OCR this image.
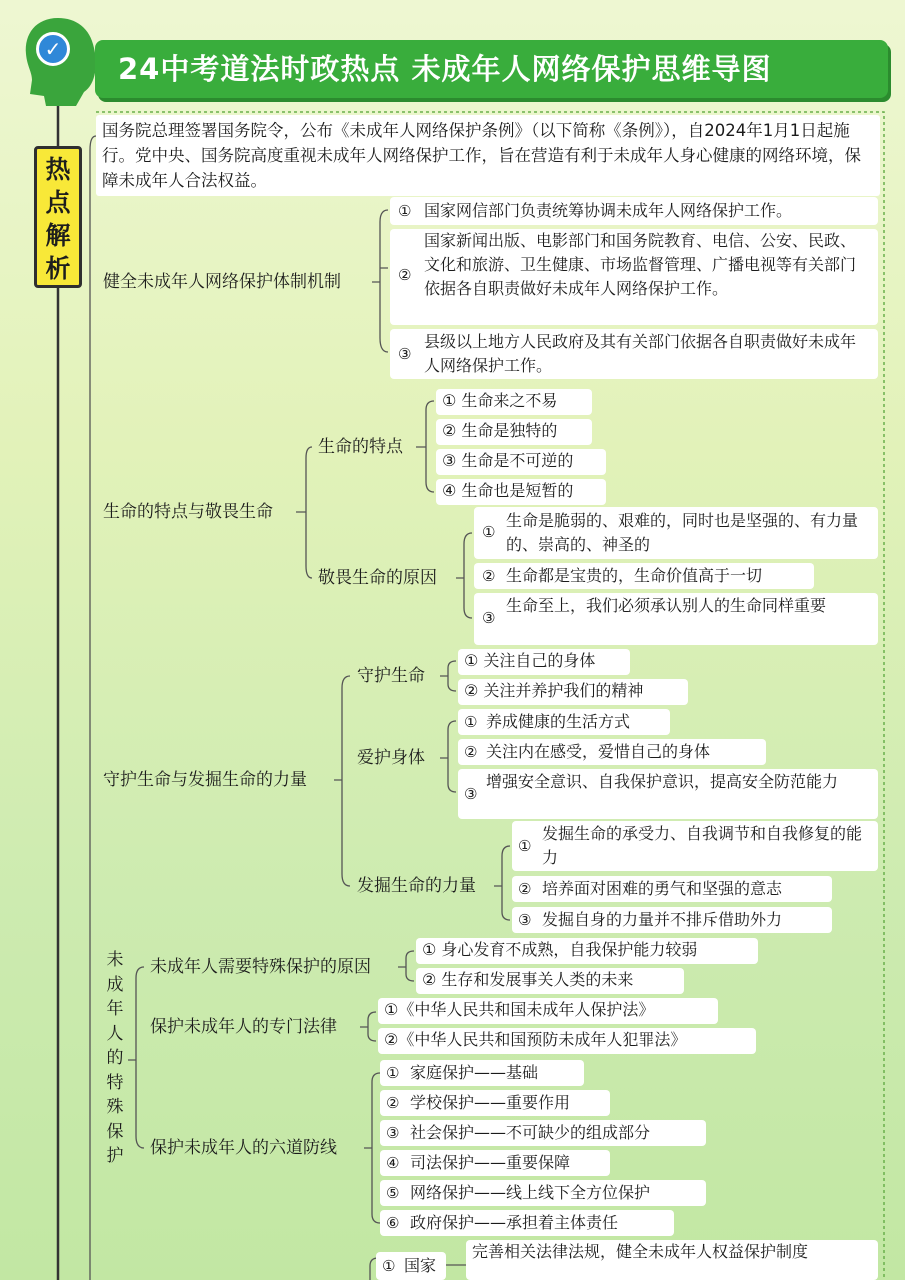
✓
24中考道法时政热点 未成年人网络保护思维导图
热
点
解
析
国务院总理签署国务院令，公布《未成年人网络保护条例》（以下简称《条例》），自2024年1月1日起施行。党中央、国务院高度重视未成年人网络保护工作，旨在营造有利于未成年人身心健康的网络环境，保障未成年人合法权益。
健全未成年人网络保护体制机制
① 国家网信部门负责统筹协调未成年人网络保护工作。
②
国家新闻出版、电影部门和国务院教育、电信、公安、民政、文化和旅游、卫生健康、市场监督管理、广播电视等有关部门依据各自职责做好未成年人网络保护工作。
③
县级以上地方人民政府及其有关部门依据各自职责做好未成年人网络保护工作。
生命的特点与敬畏生命
生命的特点
① 生命来之不易
② 生命是独特的
③ 生命是不可逆的
④ 生命也是短暂的
敬畏生命的原因
①
生命是脆弱的、艰难的，同时也是坚强的、有力量的、崇高的、神圣的
② 生命都是宝贵的，生命价值高于一切
③
生命至上，我们必须承认别人的生命同样重要
守护生命与发掘生命的力量
守护生命
① 关注自己的身体
② 关注并养护我们的精神
爱护身体
① 养成健康的生活方式
② 关注内在感受，爱惜自己的身体
③
增强安全意识、自我保护意识，提高安全防范能力
发掘生命的力量
①
发掘生命的承受力、自我调节和自我修复的能力
② 培养面对困难的勇气和坚强的意志
③ 发掘自身的力量并不排斥借助外力
未
成
年
人
的
特
殊
保
护
未成年人需要特殊保护的原因
① 身心发育不成熟，自我保护能力较弱
② 生存和发展事关人类的未来
保护未成年人的专门法律
①《中华人民共和国未成年人保护法》
②《中华人民共和国预防未成年人犯罪法》
保护未成年人的六道防线
① 家庭保护——基础
② 学校保护——重要作用
③ 社会保护——不可缺少的组成部分
④ 司法保护——重要保障
⑤ 网络保护——线上线下全方位保护
⑥ 政府保护——承担着主体责任
① 国家
完善相关法律法规，健全未成年人权益保护制度
